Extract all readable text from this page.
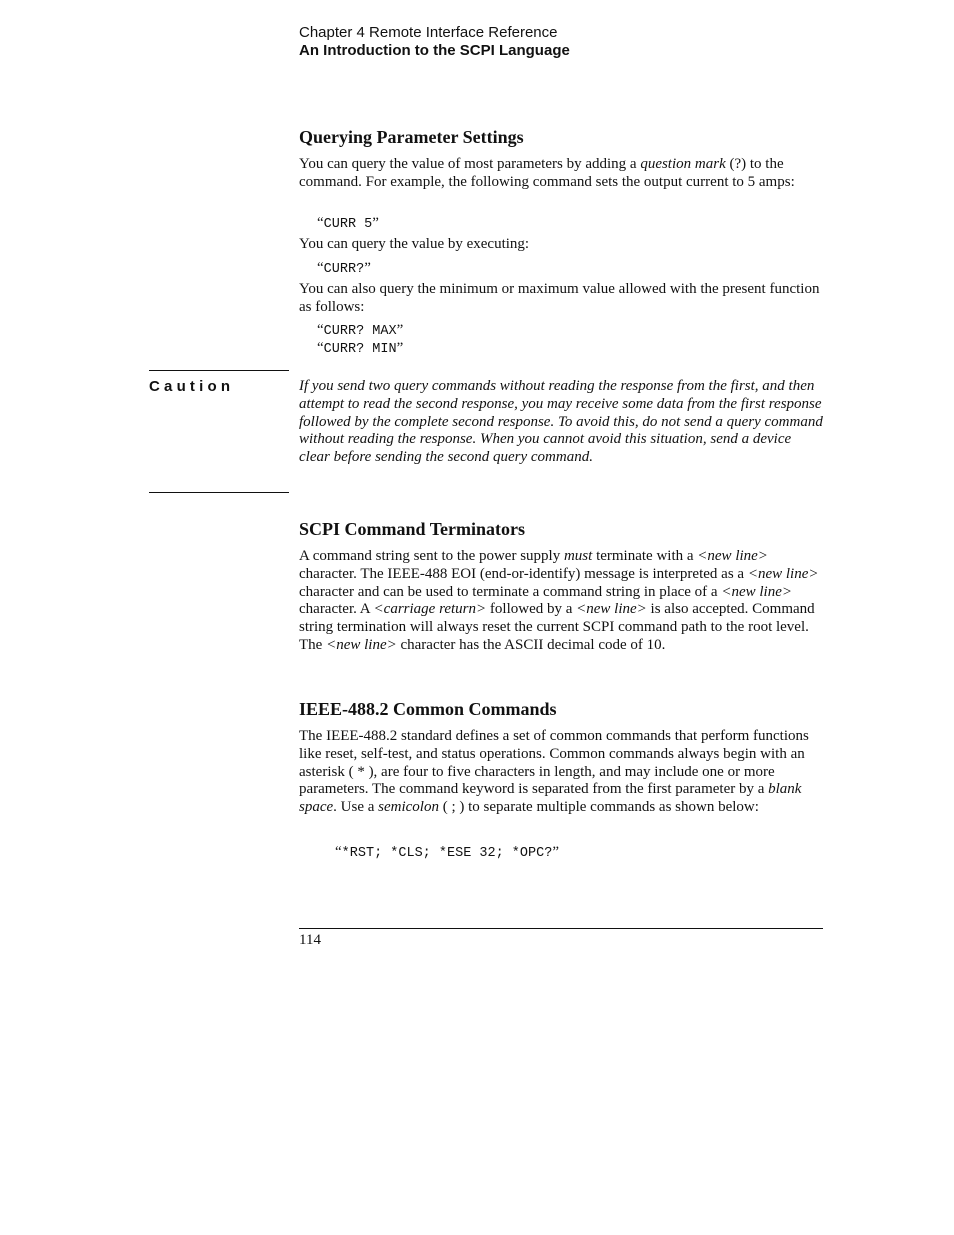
Chapter 4 Remote Interface Reference
An Introduction to the SCPI Language
Querying Parameter Settings

You can query the value of most parameters by adding a question mark (?) to the command. For example, the following command sets the output current to 5 amps:

“CURR 5”

You can query the value by executing:

“CURR?”

You can also query the minimum or maximum value allowed with the present function as follows:

“CURR? MAX”
“CURR? MIN”
Caution	If you send two query commands without reading the response from the first, and then attempt to read the second response, you may receive some data from the first response followed by the complete second response. To avoid this, do not send a query command without reading the response. When you cannot avoid this situation, send a device clear before sending the second query command.

SCPI Command Terminators

A command string sent to the power supply must terminate with a <new line> character. The IEEE-488 EOI (end-or-identify) message is interpreted as a <new line> character and can be used to terminate a command string in place of a <new line> character. A <carriage return> followed by a <new line> is also accepted. Command string termination will always reset the current SCPI command path to the root level. The <new line> character has the ASCII decimal code of 10.

IEEE-488.2 Common Commands

The IEEE-488.2 standard defines a set of common commands that perform functions like reset, self-test, and status operations. Common commands always begin with an asterisk ( * ), are four to five characters in length, and may include one or more parameters. The command keyword is separated from the first parameter by a blank space. Use a semicolon ( ; ) to separate multiple commands as shown below:

“*RST; *CLS; *ESE 32; *OPC?”
114
